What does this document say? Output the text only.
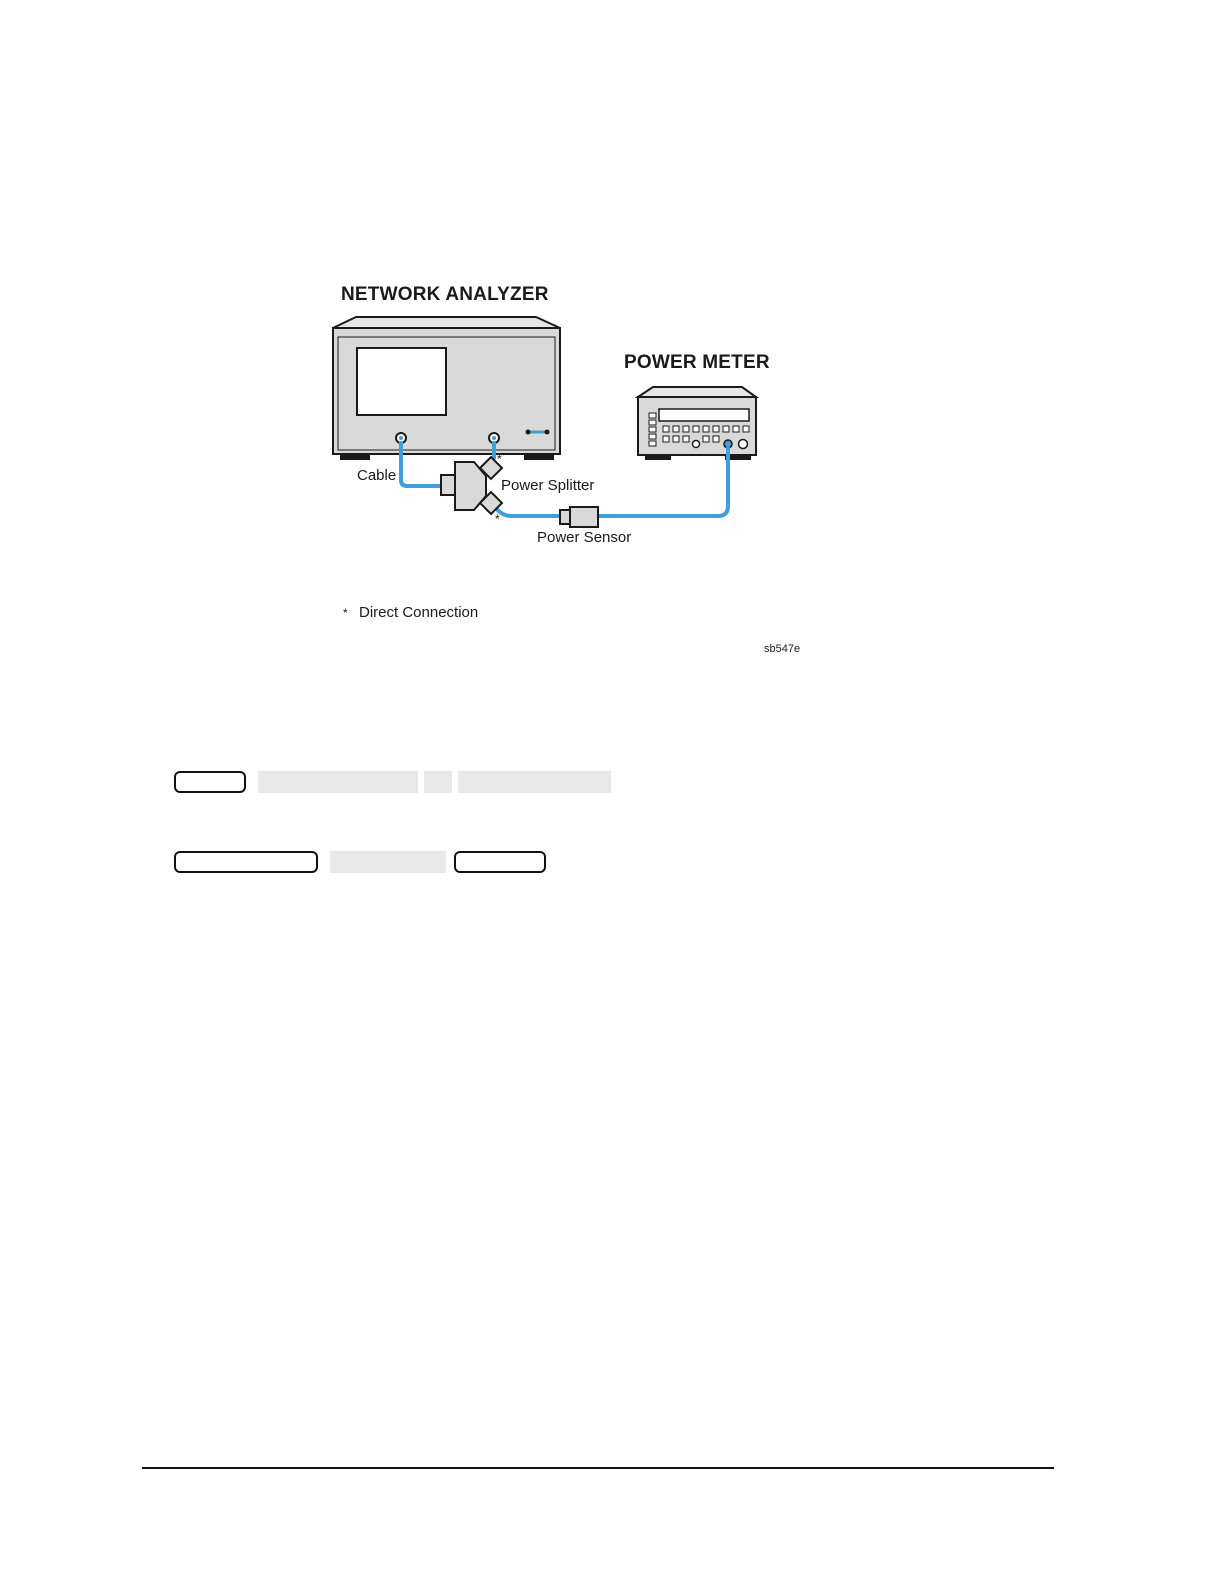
NETWORK ANALYZER
POWER METER
Cable
Power Splitter
Power Sensor
*
*
* Direct Connection
sb547e
